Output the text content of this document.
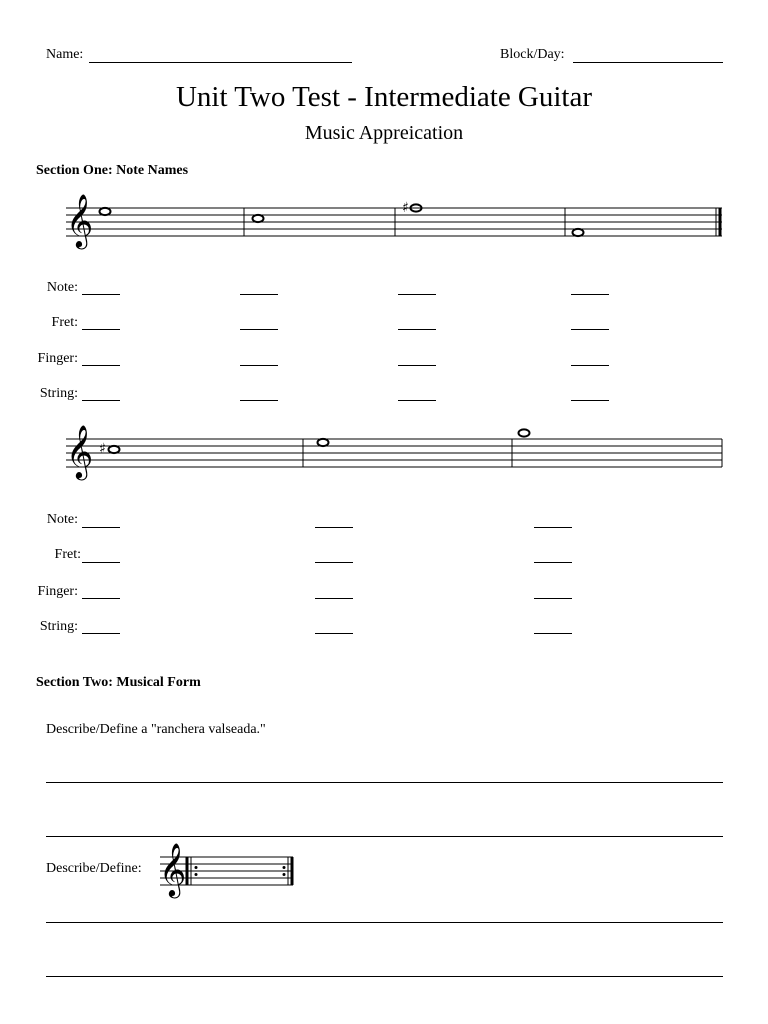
Name:	Block/Day:
Unit Two Test - Intermediate Guitar
Music Appreication
Section One: Note Names
𝄞	♯
Note:
Fret:
Finger:
String:
𝄞 ♯
Note:
Fret:
Finger:
String:
Section Two: Musical Form
Describe/Define a "ranchera valseada."
Describe/Define: 𝄞
